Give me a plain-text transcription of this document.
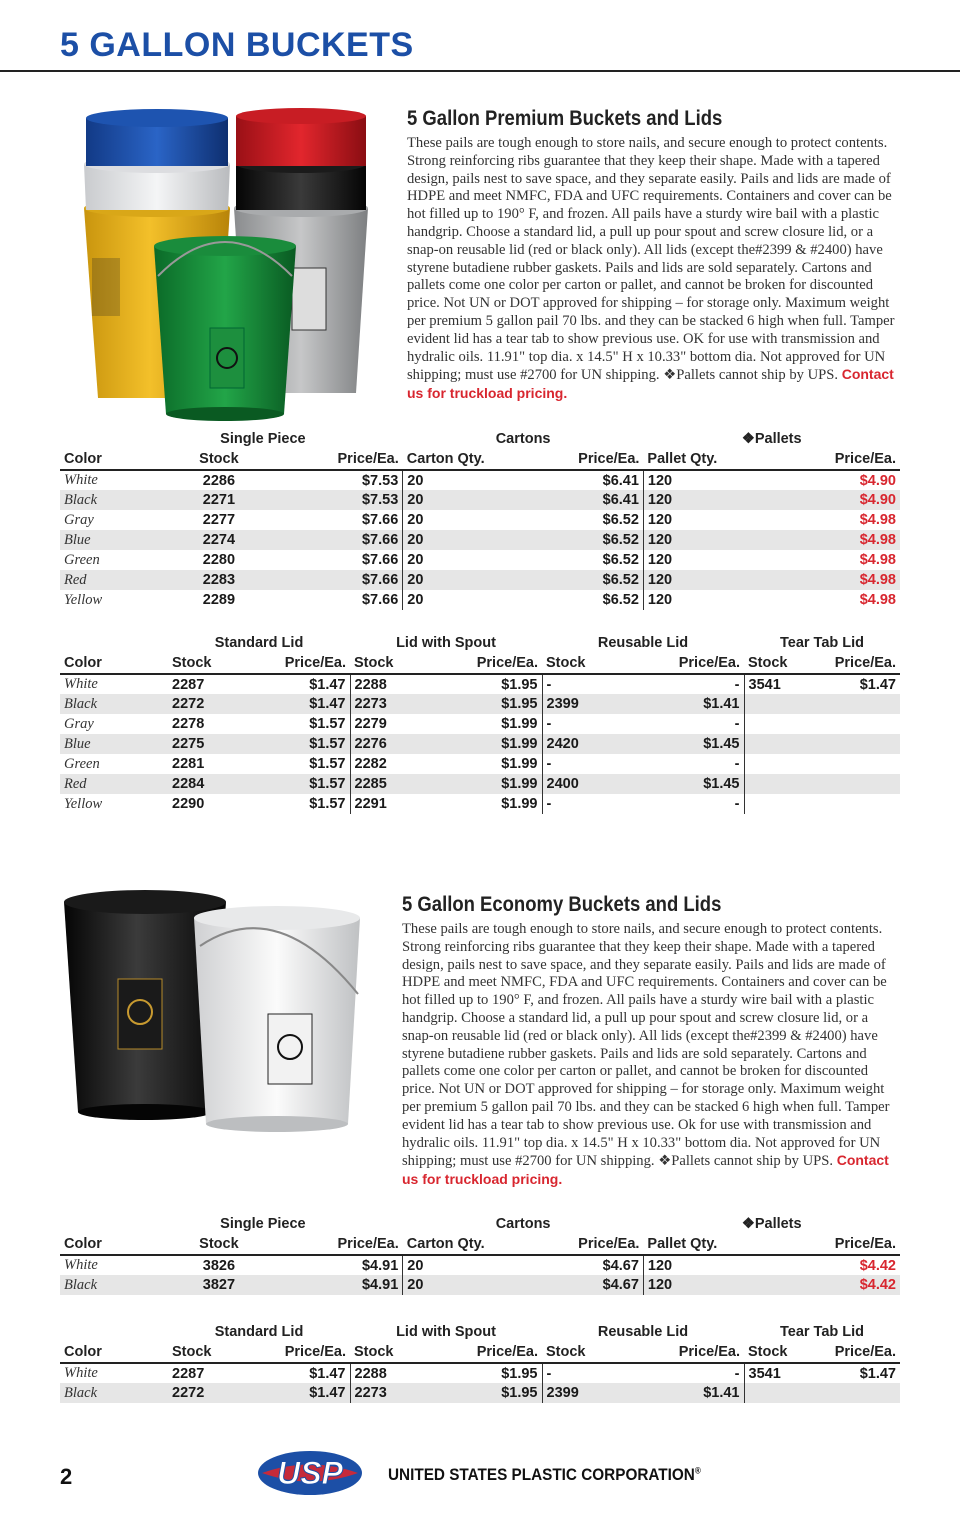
5 GALLON BUCKETS
5 Gallon Premium Buckets and Lids
These pails are tough enough to store nails, and secure enough to protect contents. Strong reinforcing ribs guarantee that they keep their shape. Made with a tapered design, pails nest to save space, and they separate easily. Pails and lids are made of HDPE and meet NMFC, FDA and UFC requirements. Containers and cover can be hot filled up to 190° F, and frozen. All pails have a sturdy wire bail with a plastic handgrip. Choose a standard lid, a pull up pour spout and screw closure lid, or a snap-on reusable lid (red or black only). All lids (except the#2399 & #2400) have styrene butadiene rubber gaskets. Pails and lids are sold separately. Cartons and pallets come one color per carton or pallet, and cannot be broken for discounted price. Not UN or DOT approved for shipping – for storage only. Maximum weight per premium 5 gallon pail 70 lbs. and they can be stacked 6 high when full. Tamper evident lid has a tear tab to show previous use. OK for use with transmission and hydralic oils. 11.91" top dia. x 14.5" H x 10.33" bottom dia. Not approved for UN shipping; must use #2700 for UN shipping. ❖Pallets cannot ship by UPS. Contact us for truckload pricing.
	Single Piece		Cartons		❖Pallets	
Color	Stock	Price/Ea.	Carton Qty.	Price/Ea.	Pallet Qty.	Price/Ea.
White	2286	$7.53	20	$6.41	120	$4.90
Black	2271	$7.53	20	$6.41	120	$4.90
Gray	2277	$7.66	20	$6.52	120	$4.98
Blue	2274	$7.66	20	$6.52	120	$4.98
Green	2280	$7.66	20	$6.52	120	$4.98
Red	2283	$7.66	20	$6.52	120	$4.98
Yellow	2289	$7.66	20	$6.52	120	$4.98
	Standard Lid		Lid with Spout		Reusable Lid		Tear Tab Lid	
Color	Stock	Price/Ea.	Stock	Price/Ea.	Stock	Price/Ea.	Stock	Price/Ea.
White	2287	$1.47	2288	$1.95	-	-	3541	$1.47
Black	2272	$1.47	2273	$1.95	2399	$1.41		
Gray	2278	$1.57	2279	$1.99	-	-		
Blue	2275	$1.57	2276	$1.99	2420	$1.45		
Green	2281	$1.57	2282	$1.99	-	-		
Red	2284	$1.57	2285	$1.99	2400	$1.45		
Yellow	2290	$1.57	2291	$1.99	-	-		
5 Gallon Economy Buckets and Lids
These pails are tough enough to store nails, and secure enough to protect contents. Strong reinforcing ribs guarantee that they keep their shape. Made with a tapered design, pails nest to save space, and they separate easily. Pails and lids are made of HDPE and meet NMFC, FDA and UFC requirements. Containers and cover can be hot filled up to 190° F, and frozen. All pails have a sturdy wire bail with a plastic handgrip. Choose a standard lid, a pull up pour spout and screw closure lid, or a snap-on reusable lid (red or black only). All lids (except the#2399 & #2400) have styrene butadiene rubber gaskets. Pails and lids are sold separately. Cartons and pallets come one color per carton or pallet, and cannot be broken for discounted price. Not UN or DOT approved for shipping – for storage only. Maximum weight per premium 5 gallon pail 70 lbs. and they can be stacked 6 high when full. Tamper evident lid has a tear tab to show previous use. Ok for use with transmission and hydralic oils. 11.91" top dia. x 14.5" H x 10.33" bottom dia. Not approved for UN shipping; must use #2700 for UN shipping. ❖Pallets cannot ship by UPS. Contact us for truckload pricing.
	Single Piece		Cartons		❖Pallets	
Color	Stock	Price/Ea.	Carton Qty.	Price/Ea.	Pallet Qty.	Price/Ea.
White	3826	$4.91	20	$4.67	120	$4.42
Black	3827	$4.91	20	$4.67	120	$4.42
	Standard Lid		Lid with Spout		Reusable Lid		Tear Tab Lid	
Color	Stock	Price/Ea.	Stock	Price/Ea.	Stock	Price/Ea.	Stock	Price/Ea.
White	2287	$1.47	2288	$1.95	-	-	3541	$1.47
Black	2272	$1.47	2273	$1.95	2399	$1.41		
2	USP	UNITED STATES PLASTIC CORPORATION®
